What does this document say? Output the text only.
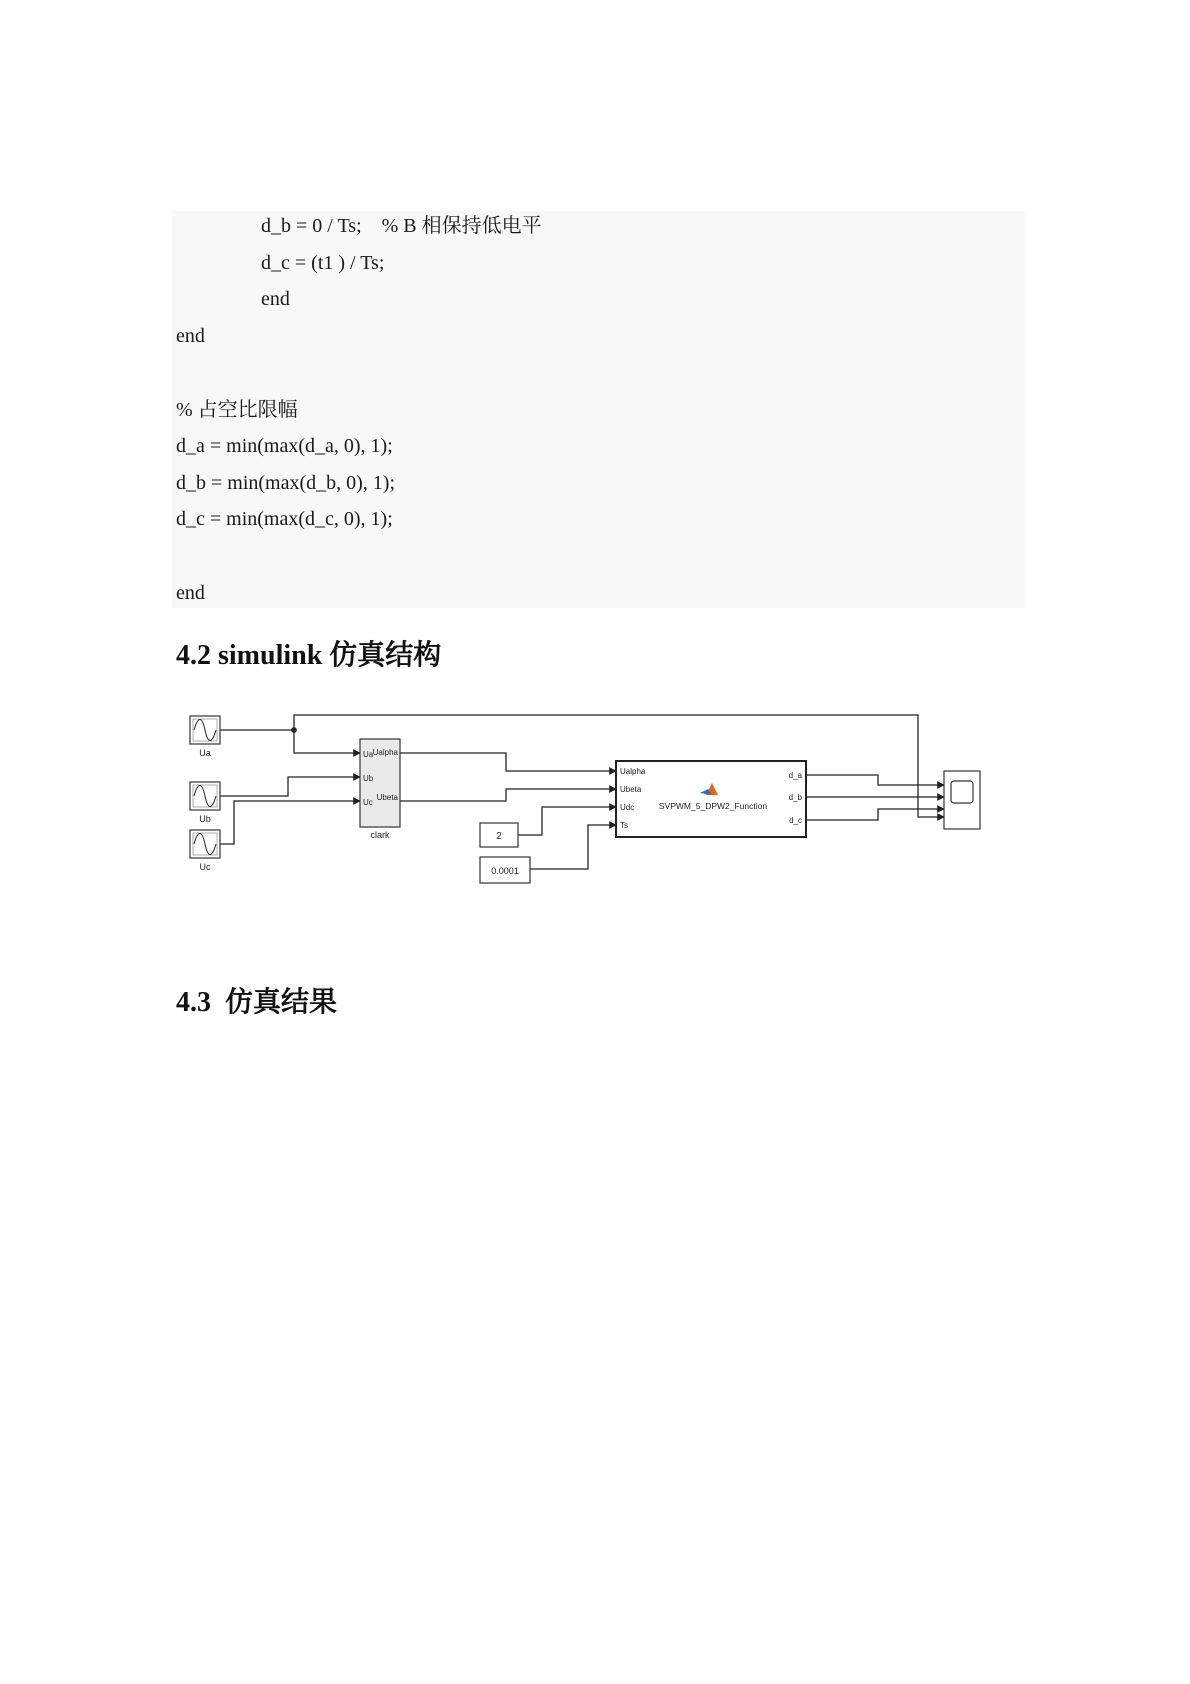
d_b = 0 / Ts;    % B 相保持低电平
d_c = (t1 ) / Ts;
end
end
% 占空比限幅
d_a = min(max(d_a, 0), 1);
d_b = min(max(d_b, 0), 1);
d_c = min(max(d_c, 0), 1);
end
4.2 simulink 仿真结构
Ua
Ub
Uc
Ua
Ub
Uc
Ualpha
Ubeta
clark	2
0.0001
Ualpha
Ubeta
Udc
Ts
d_a
d_b
d_c
SVPWM_5_DPW2_Function
4.3  仿真结果
